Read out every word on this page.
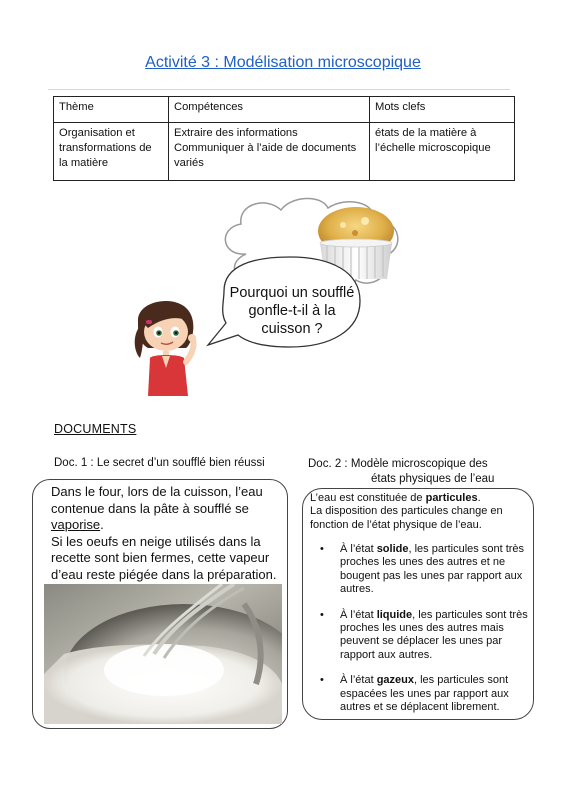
Activité 3 : Modélisation microscopique
Thème	Compétences	Mots clefs
Organisation et transformations de la matière	Extraire des informations Communiquer à l’aide de documents variés	états de la matière à l’échelle microscopique
Pourquoi un soufflé gonfle-t-il à la cuisson ?
DOCUMENTS
Doc. 1 : Le secret d’un soufflé bien réussi	Doc. 2 : Modèle microscopique des
états physiques de l’eau
Dans le four, lors de la cuisson, l’eau contenue dans la pâte à soufflé se vaporise.
Si les oeufs en neige utilisés dans la recette sont bien fermes, cette vapeur d’eau reste piégée dans la préparation.
L’eau est constituée de particules.
La disposition des particules change en fonction de l’état physique de l’eau.
• À l’état solide, les particules sont très proches les unes des autres et ne bougent pas les unes par rapport aux autres.
• À l’état liquide, les particules sont très proches les unes des autres mais peuvent se déplacer les unes par rapport aux autres.
• À l’état gazeux, les particules sont espacées les unes par rapport aux autres et se déplacent librement.
